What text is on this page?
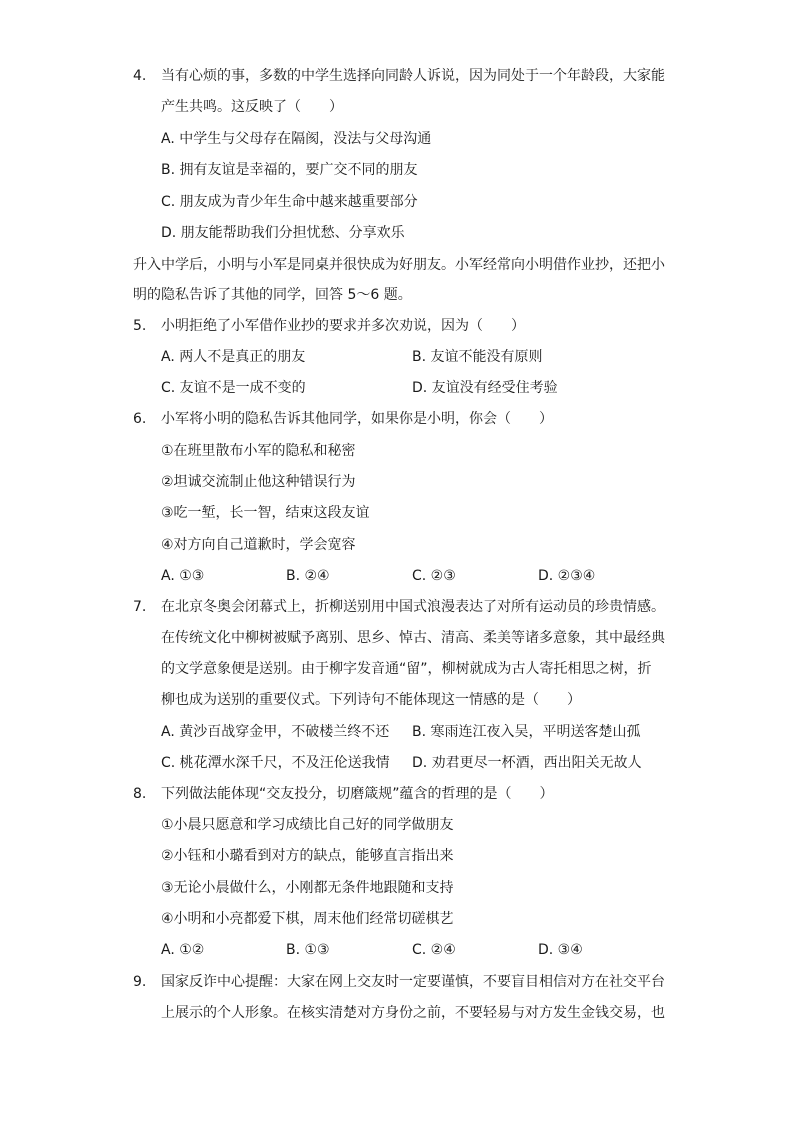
4. 当有心烦的事，多数的中学生选择向同龄人诉说，因为同处于一个年龄段，大家能
产生共鸣。这反映了（　　）
A. 中学生与父母存在隔阂，没法与父母沟通
B. 拥有友谊是幸福的，要广交不同的朋友
C. 朋友成为青少年生命中越来越重要部分
D. 朋友能帮助我们分担忧愁、分享欢乐
升入中学后，小明与小军是同桌并很快成为好朋友。小军经常向小明借作业抄，还把小
明的隐私告诉了其他的同学，回答 5～6 题。
5. 小明拒绝了小军借作业抄的要求并多次劝说，因为（　　）
A. 两人不是真正的朋友	B. 友谊不能没有原则
C. 友谊不是一成不变的	D. 友谊没有经受住考验
6. 小军将小明的隐私告诉其他同学，如果你是小明，你会（　　）
①在班里散布小军的隐私和秘密
②坦诚交流制止他这种错误行为
③吃一堑，长一智，结束这段友谊
④对方向自己道歉时，学会宽容
A. ①③	B. ②④	C. ②③	D. ②③④
7. 在北京冬奥会闭幕式上，折柳送别用中国式浪漫表达了对所有运动员的珍贵情感。
在传统文化中柳树被赋予离别、思乡、悼古、清高、柔美等诸多意象，其中最经典
的文学意象便是送别。由于柳字发音通“留”，柳树就成为古人寄托相思之树，折
柳也成为送别的重要仪式。下列诗句不能体现这一情感的是（　　）
A. 黄沙百战穿金甲，不破楼兰终不还 B. 寒雨连江夜入吴，平明送客楚山孤
C. 桃花潭水深千尺，不及汪伦送我情 D. 劝君更尽一杯酒，西出阳关无故人
8. 下列做法能体现“交友投分，切磨箴规”蕴含的哲理的是（　　）
①小晨只愿意和学习成绩比自己好的同学做朋友
②小钰和小璐看到对方的缺点，能够直言指出来
③无论小晨做什么，小刚都无条件地跟随和支持
④小明和小亮都爱下棋，周末他们经常切磋棋艺
A. ①②	B. ①③	C. ②④	D. ③④
9. 国家反诈中心提醒：大家在网上交友时一定要谨慎，不要盲目相信对方在社交平台
上展示的个人形象。在核实清楚对方身份之前，不要轻易与对方发生金钱交易，也
